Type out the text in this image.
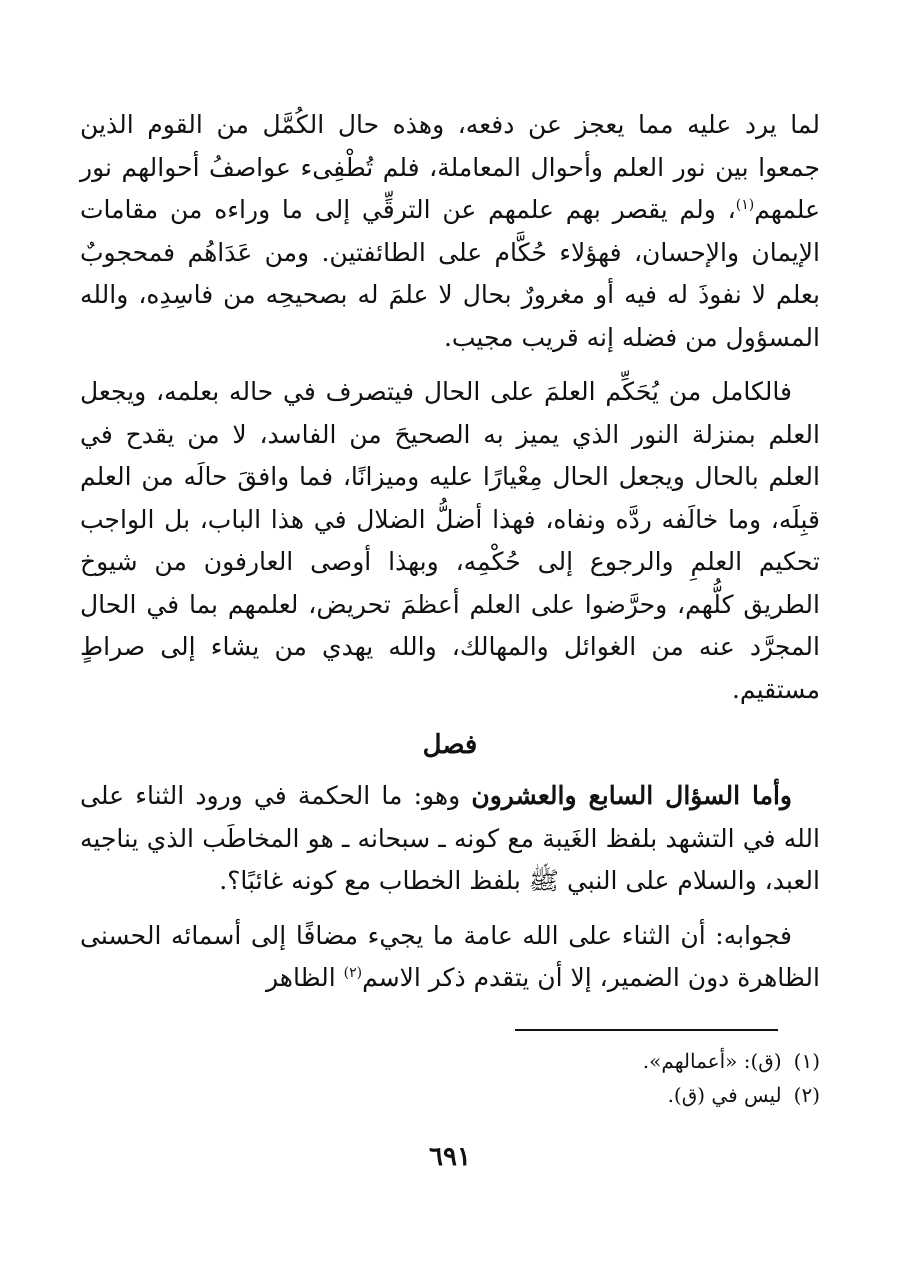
لما يرد عليه مما يعجز عن دفعه، وهذه حال الكُمَّل من القوم الذين جمعوا بين نور العلم وأحوال المعاملة، فلم تُطْفِىء عواصفُ أحوالهم نور علمهم$^{(١)}$، ولم يقصر بهم علمهم عن الترقِّي إلى ما وراءه من مقامات الإيمان والإحسان، فهؤلاء حُكَّام على الطائفتين. ومن عَدَاهُم فمحجوبٌ بعلم لا نفوذَ له فيه أو مغرورٌ بحال لا علمَ له بصحيحِه من فاسِدِه، والله المسؤول من فضله إنه قريب مجيب.

فالكامل من يُحَكِّم العلمَ على الحال فيتصرف في حاله بعلمه، ويجعل العلم بمنزلة النور الذي يميز به الصحيحَ من الفاسد، لا من يقدح في العلم بالحال ويجعل الحال مِعْيارًا عليه وميزانًا، فما وافقَ حالَه من العلم قبِلَه، وما خالَفه ردَّه ونفاه، فهذا أضلُّ الضلال في هذا الباب، بل الواجب تحكيم العلمِ والرجوع إلى حُكْمِه، وبهذا أوصى العارفون من شيوخ الطريق كلُّهم، وحرَّضوا على العلم أعظمَ تحريض، لعلمهم بما في الحال المجرَّد عنه من الغوائل والمهالك، والله يهدي من يشاء إلى صراطٍ مستقيم.

فصل

وأما السؤال السابع والعشرون وهو: ما الحكمة في ورود الثناء على الله في التشهد بلفظ الغَيبة مع كونه ـ سبحانه ـ هو المخاطَب الذي يناجيه العبد، والسلام على النبي ﷺ بلفظ الخطاب مع كونه غائبًا؟.

فجوابه: أن الثناء على الله عامة ما يجيء مضافًا إلى أسمائه الحسنى الظاهرة دون الضمير، إلا أن يتقدم ذكر الاسم$^{(٢)}$ الظاهر

(١)(ق): «أعمالهم».
(٢)ليس في (ق).
٦٩١
